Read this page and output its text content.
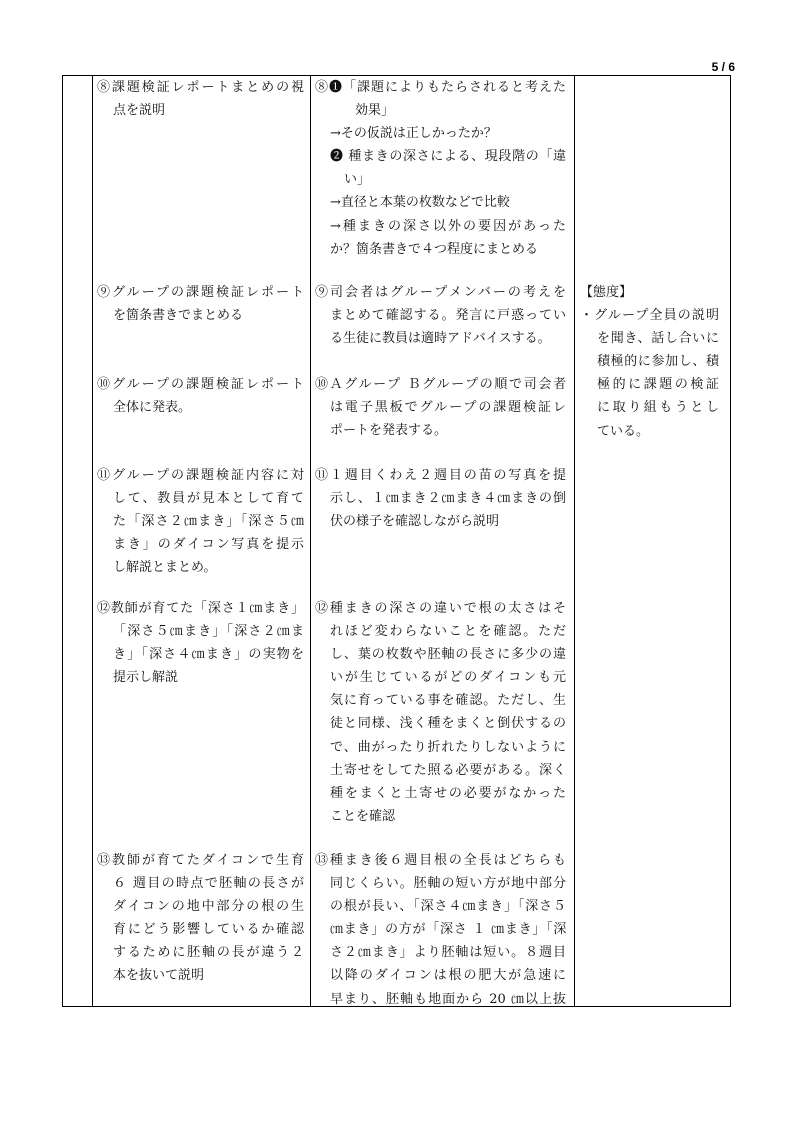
5 / 6
⑧課題検証レポートまとめの視
点を説明
⑨グループの課題検証レポート
を箇条書きでまとめる
⑩グループの課題検証レポート
全体に発表。
⑪グループの課題検証内容に対
して、教員が見本として育て
た「深さ２㎝まき」「深さ５㎝
まき」のダイコン写真を提示
し解説とまとめ。
⑫教師が育てた「深さ１㎝まき」
「深さ５㎝まき」「深さ２㎝ま
き」「深さ４㎝まき」の実物を
提示し解説
⑬教師が育てたダイコンで生育
６ 週目の時点で胚軸の長さが
ダイコンの地中部分の根の生
育にどう影響しているか確認
するために胚軸の長が違う２
本を抜いて説明
⑧❶「課題によりもたらされると考えた
効果」
→その仮説は正しかったか？
❷ 種まきの深さによる、現段階の「違
い」
→直径と本葉の枚数などで比較
→種まきの深さ以外の要因があった
か？箇条書きで４つ程度にまとめる
⑨司会者はグループメンバーの考えを
まとめて確認する。発言に戸惑ってい
る生徒に教員は適時アドバイスする。
⑩Ａグループ Ｂグループの順で司会者
は電子黒板でグループの課題検証レ
ポートを発表する。
⑪１週目くわえ２週目の苗の写真を提
示し、１㎝まき２㎝まき４㎝まきの倒
伏の様子を確認しながら説明
⑫種まきの深さの違いで根の太さはそ
れほど変わらないことを確認。ただ
し、葉の枚数や胚軸の長さに多少の違
いが生じているがどのダイコンも元
気に育っている事を確認。ただし、生
徒と同様、浅く種をまくと倒伏するの
で、曲がったり折れたりしないように
土寄せをしてた照る必要がある。深く
種をまくと土寄せの必要がなかった
ことを確認
⑬種まき後６週目根の全長はどちらも
同じくらい。胚軸の短い方が地中部分
の根が長い、「深さ４㎝まき」「深さ５
㎝まき」の方が「深さ １ ㎝まき」「深
さ２㎝まき」より胚軸は短い。８週目
以降のダイコンは根の肥大が急速に
早まり、胚軸も地面から 20 ㎝以上抜
【態度】
・グループ全員の説明
を聞き、話し合いに
積極的に参加し、積
極的に課題の検証
に取り組もうとし
ている。
